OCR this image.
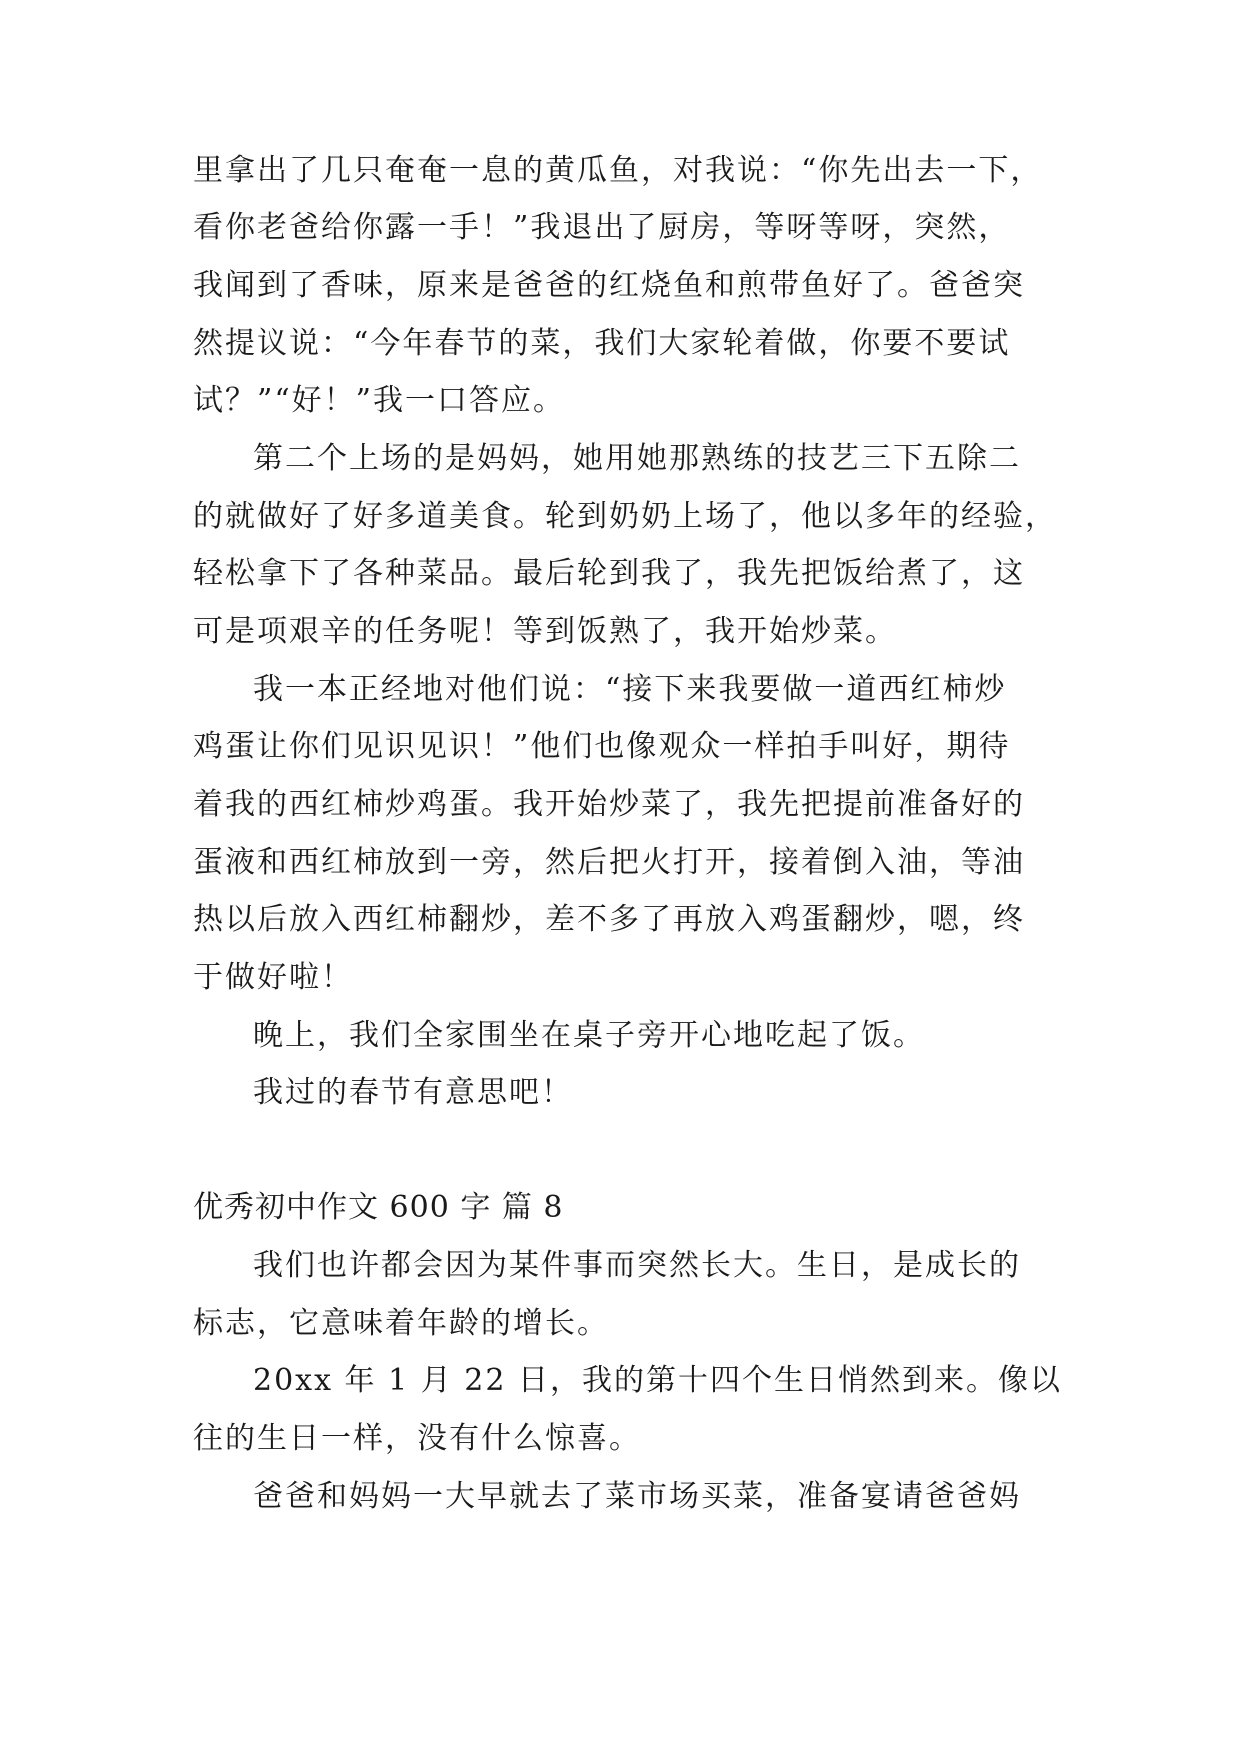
里拿出了几只奄奄一息的黄瓜鱼，对我说：“你先出去一下，
看你老爸给你露一手！”我退出了厨房，等呀等呀，突然，
我闻到了香味，原来是爸爸的红烧鱼和煎带鱼好了。爸爸突
然提议说：“今年春节的菜，我们大家轮着做，你要不要试
试？”“好！”我一口答应。
第二个上场的是妈妈，她用她那熟练的技艺三下五除二
的就做好了好多道美食。轮到奶奶上场了，他以多年的经验，
轻松拿下了各种菜品。最后轮到我了，我先把饭给煮了，这
可是项艰辛的任务呢！等到饭熟了，我开始炒菜。
我一本正经地对他们说：“接下来我要做一道西红柿炒
鸡蛋让你们见识见识！”他们也像观众一样拍手叫好，期待
着我的西红柿炒鸡蛋。我开始炒菜了，我先把提前准备好的
蛋液和西红柿放到一旁，然后把火打开，接着倒入油，等油
热以后放入西红柿翻炒，差不多了再放入鸡蛋翻炒，嗯，终
于做好啦！
晚上，我们全家围坐在桌子旁开心地吃起了饭。
我过的春节有意思吧！
优秀初中作文 600 字 篇 8
我们也许都会因为某件事而突然长大。生日，是成长的
标志，它意味着年龄的增长。
20xx 年 1 月 22 日，我的第十四个生日悄然到来。像以
往的生日一样，没有什么惊喜。
爸爸和妈妈一大早就去了菜市场买菜，准备宴请爸爸妈
